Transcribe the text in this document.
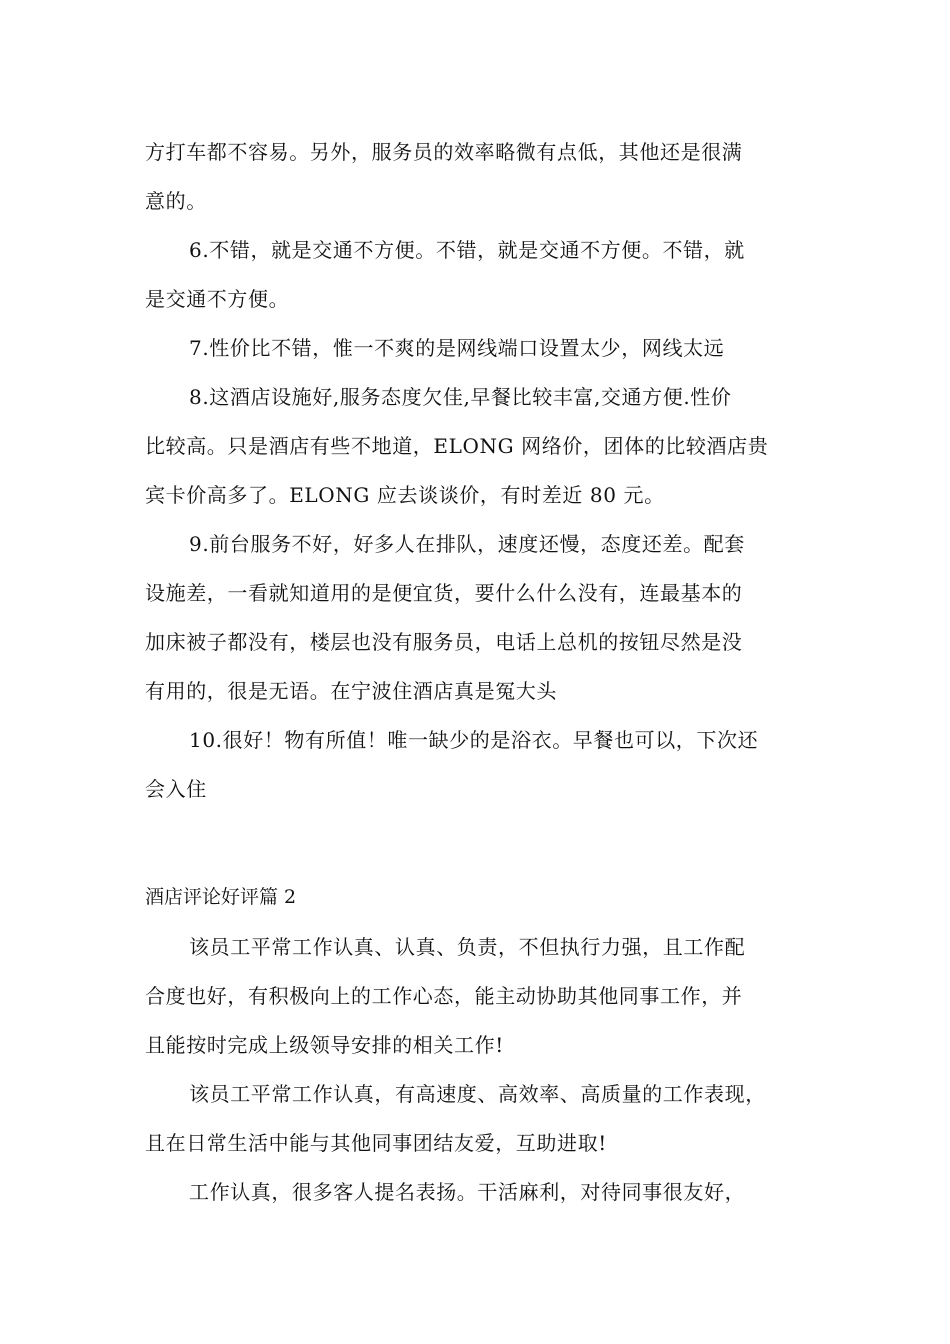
方打车都不容易。另外，服务员的效率略微有点低，其他还是很满
意的。
6.不错，就是交通不方便。不错，就是交通不方便。不错，就
是交通不方便。
7.性价比不错，惟一不爽的是网线端口设置太少，网线太远
8.这酒店设施好,服务态度欠佳,早餐比较丰富,交通方便.性价
比较高。只是酒店有些不地道，ELONG 网络价，团体的比较酒店贵
宾卡价高多了。ELONG 应去谈谈价，有时差近 80 元。
9.前台服务不好，好多人在排队，速度还慢，态度还差。配套
设施差，一看就知道用的是便宜货，要什么什么没有，连最基本的
加床被子都没有，楼层也没有服务员，电话上总机的按钮尽然是没
有用的，很是无语。在宁波住酒店真是冤大头
10.很好！物有所值！唯一缺少的是浴衣。早餐也可以，下次还
会入住
酒店评论好评篇 2
该员工平常工作认真、认真、负责，不但执行力强，且工作配
合度也好，有积极向上的工作心态，能主动协助其他同事工作，并
且能按时完成上级领导安排的相关工作!
该员工平常工作认真，有高速度、高效率、高质量的工作表现，
且在日常生活中能与其他同事团结友爱，互助进取!
工作认真，很多客人提名表扬。干活麻利，对待同事很友好，
